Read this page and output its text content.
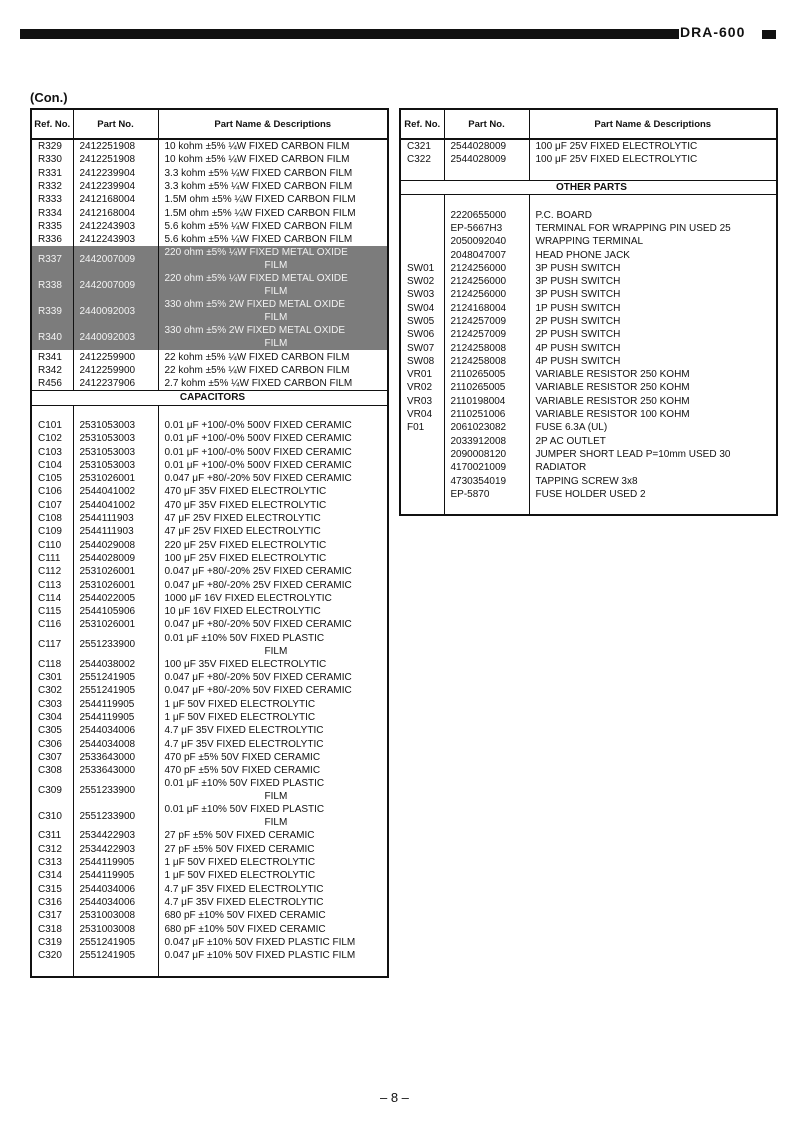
DRA-600
(Con.)
Ref. No.	Part No.	Part Name & Descriptions
R329	2412251908	10 kohm ±5% ¼W FIXED CARBON FILM
R330	2412251908	10 kohm ±5% ¼W FIXED CARBON FILM
R331	2412239904	3.3 kohm ±5% ¼W FIXED CARBON FILM
R332	2412239904	3.3 kohm ±5% ¼W FIXED CARBON FILM
R333	2412168004	1.5M ohm ±5% ¼W FIXED CARBON FILM
R334	2412168004	1.5M ohm ±5% ¼W FIXED CARBON FILM
R335	2412243903	5.6 kohm ±5% ¼W FIXED CARBON FILM
R336	2412243903	5.6 kohm ±5% ¼W FIXED CARBON FILM
R337	2442007009	220 ohm ±5% ¼W FIXED METAL OXIDE
FILM
R338	2442007009	220 ohm ±5% ¼W FIXED METAL OXIDE
FILM
R339	2440092003	330 ohm ±5% 2W FIXED METAL OXIDE
FILM
R340	2440092003	330 ohm ±5% 2W FIXED METAL OXIDE
FILM
R341	2412259900	22 kohm ±5% ¼W FIXED CARBON FILM
R342	2412259900	22 kohm ±5% ¼W FIXED CARBON FILM
R456	2412237906	2.7 kohm ±5% ¼W FIXED CARBON FILM
CAPACITORS		

C101	2531053003	0.01 μF +100/-0% 500V FIXED CERAMIC
C102	2531053003	0.01 μF +100/-0% 500V FIXED CERAMIC
C103	2531053003	0.01 μF +100/-0% 500V FIXED CERAMIC
C104	2531053003	0.01 μF +100/-0% 500V FIXED CERAMIC
C105	2531026001	0.047 μF +80/-20% 50V FIXED CERAMIC
C106	2544041002	470 μF 35V FIXED ELECTROLYTIC
C107	2544041002	470 μF 35V FIXED ELECTROLYTIC
C108	2544111903	47 μF 25V FIXED ELECTROLYTIC
C109	2544111903	47 μF 25V FIXED ELECTROLYTIC
C110	2544029008	220 μF 25V FIXED ELECTROLYTIC
C111	2544028009	100 μF 25V FIXED ELECTROLYTIC
C112	2531026001	0.047 μF +80/-20% 25V FIXED CERAMIC
C113	2531026001	0.047 μF +80/-20% 25V FIXED CERAMIC
C114	2544022005	1000 μF 16V FIXED ELECTROLYTIC
C115	2544105906	10 μF 16V FIXED ELECTROLYTIC
C116	2531026001	0.047 μF +80/-20% 50V FIXED CERAMIC
C117	2551233900	0.01 μF ±10% 50V FIXED PLASTIC
FILM
C118	2544038002	100 μF 35V FIXED ELECTROLYTIC
C301	2551241905	0.047 μF +80/-20% 50V FIXED CERAMIC
C302	2551241905	0.047 μF +80/-20% 50V FIXED CERAMIC
C303	2544119905	1 μF 50V FIXED ELECTROLYTIC
C304	2544119905	1 μF 50V FIXED ELECTROLYTIC
C305	2544034006	4.7 μF 35V FIXED ELECTROLYTIC
C306	2544034008	4.7 μF 35V FIXED ELECTROLYTIC
C307	2533643000	470 pF ±5% 50V FIXED CERAMIC
C308	2533643000	470 pF ±5% 50V FIXED CERAMIC
C309	2551233900	0.01 μF ±10% 50V FIXED PLASTIC
FILM
C310	2551233900	0.01 μF ±10% 50V FIXED PLASTIC
FILM
C311	2534422903	27 pF ±5% 50V FIXED CERAMIC
C312	2534422903	27 pF ±5% 50V FIXED CERAMIC
C313	2544119905	1 μF 50V FIXED ELECTROLYTIC
C314	2544119905	1 μF 50V FIXED ELECTROLYTIC
C315	2544034006	4.7 μF 35V FIXED ELECTROLYTIC
C316	2544034006	4.7 μF 35V FIXED ELECTROLYTIC
C317	2531003008	680 pF ±10% 50V FIXED CERAMIC
C318	2531003008	680 pF ±10% 50V FIXED CERAMIC
C319	2551241905	0.047 μF ±10% 50V FIXED PLASTIC FILM
C320	2551241905	0.047 μF ±10% 50V FIXED PLASTIC FILM

Ref. No.	Part No.	Part Name & Descriptions
C321	2544028009	100 μF 25V FIXED ELECTROLYTIC
C322	2544028009	100 μF 25V FIXED ELECTROLYTIC

OTHER PARTS		

	2220655000	P.C. BOARD
	EP-5667H3	TERMINAL FOR WRAPPING PIN USED 25
	2050092040	WRAPPING TERMINAL
	2048047007	HEAD PHONE JACK
SW01	2124256000	3P PUSH SWITCH
SW02	2124256000	3P PUSH SWITCH
SW03	2124256000	3P PUSH SWITCH
SW04	2124168004	1P PUSH SWITCH
SW05	2124257009	2P PUSH SWITCH
SW06	2124257009	2P PUSH SWITCH
SW07	2124258008	4P PUSH SWITCH
SW08	2124258008	4P PUSH SWITCH
VR01	2110265005	VARIABLE RESISTOR 250 KOHM
VR02	2110265005	VARIABLE RESISTOR 250 KOHM
VR03	2110198004	VARIABLE RESISTOR 250 KOHM
VR04	2110251006	VARIABLE RESISTOR 100 KOHM
F01	2061023082	FUSE 6.3A (UL)
	2033912008	2P AC OUTLET
	2090008120	JUMPER SHORT LEAD P=10mm USED 30
	4170021009	RADIATOR
	4730354019	TAPPING SCREW 3x8
	EP-5870	FUSE HOLDER USED 2

– 8 –
